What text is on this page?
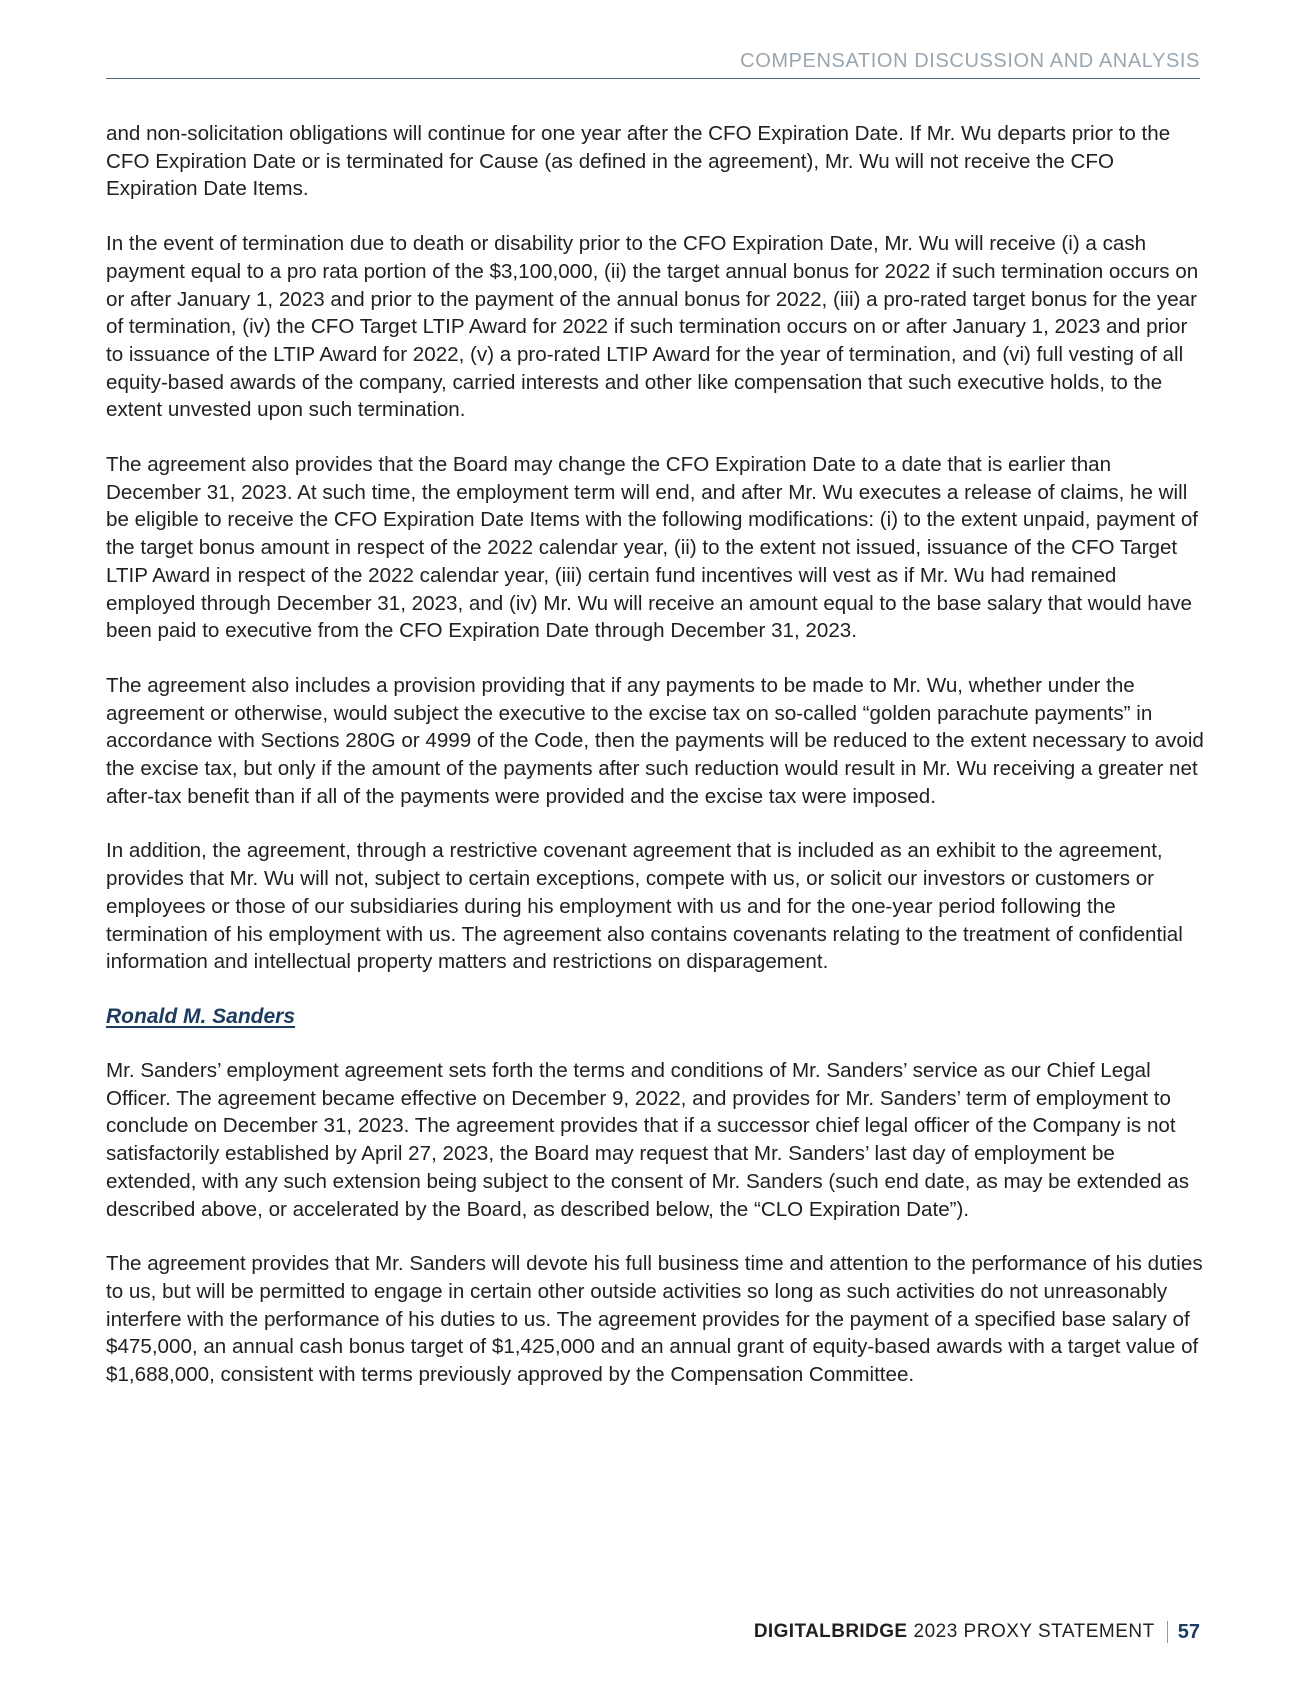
COMPENSATION DISCUSSION AND ANALYSIS

and non-solicitation obligations will continue for one year after the CFO Expiration Date. If Mr. Wu departs prior to the CFO Expiration Date or is terminated for Cause (as defined in the agreement), Mr. Wu will not receive the CFO Expiration Date Items.

In the event of termination due to death or disability prior to the CFO Expiration Date, Mr. Wu will receive (i) a cash payment equal to a pro rata portion of the $3,100,000, (ii) the target annual bonus for 2022 if such termination occurs on or after January 1, 2023 and prior to the payment of the annual bonus for 2022, (iii) a pro-rated target bonus for the year of termination, (iv) the CFO Target LTIP Award for 2022 if such termination occurs on or after January 1, 2023 and prior to issuance of the LTIP Award for 2022, (v) a pro-rated LTIP Award for the year of termination, and (vi) full vesting of all equity-based awards of the company, carried interests and other like compensation that such executive holds, to the extent unvested upon such termination.

The agreement also provides that the Board may change the CFO Expiration Date to a date that is earlier than December 31, 2023. At such time, the employment term will end, and after Mr. Wu executes a release of claims, he will be eligible to receive the CFO Expiration Date Items with the following modifications: (i) to the extent unpaid, payment of the target bonus amount in respect of the 2022 calendar year, (ii) to the extent not issued, issuance of the CFO Target LTIP Award in respect of the 2022 calendar year, (iii) certain fund incentives will vest as if Mr. Wu had remained employed through December 31, 2023, and (iv) Mr. Wu will receive an amount equal to the base salary that would have been paid to executive from the CFO Expiration Date through December 31, 2023.

The agreement also includes a provision providing that if any payments to be made to Mr. Wu, whether under the agreement or otherwise, would subject the executive to the excise tax on so-called “golden parachute payments” in accordance with Sections 280G or 4999 of the Code, then the payments will be reduced to the extent necessary to avoid the excise tax, but only if the amount of the payments after such reduction would result in Mr. Wu receiving a greater net after-tax benefit than if all of the payments were provided and the excise tax were imposed.

In addition, the agreement, through a restrictive covenant agreement that is included as an exhibit to the agreement, provides that Mr. Wu will not, subject to certain exceptions, compete with us, or solicit our investors or customers or employees or those of our subsidiaries during his employment with us and for the one-year period following the termination of his employment with us. The agreement also contains covenants relating to the treatment of confidential information and intellectual property matters and restrictions on disparagement.

Ronald M. Sanders

Mr. Sanders’ employment agreement sets forth the terms and conditions of Mr. Sanders’ service as our Chief Legal Officer. The agreement became effective on December 9, 2022, and provides for Mr. Sanders’ term of employment to conclude on December 31, 2023. The agreement provides that if a successor chief legal officer of the Company is not satisfactorily established by April 27, 2023, the Board may request that Mr. Sanders’ last day of employment be extended, with any such extension being subject to the consent of Mr. Sanders (such end date, as may be extended as described above, or accelerated by the Board, as described below, the “CLO Expiration Date”).

The agreement provides that Mr. Sanders will devote his full business time and attention to the performance of his duties to us, but will be permitted to engage in certain other outside activities so long as such activities do not unreasonably interfere with the performance of his duties to us. The agreement provides for the payment of a specified base salary of $475,000, an annual cash bonus target of $1,425,000 and an annual grant of equity-based awards with a target value of $1,688,000, consistent with terms previously approved by the Compensation Committee.

DIGITALBRIDGE 2023 PROXY STATEMENT 57
